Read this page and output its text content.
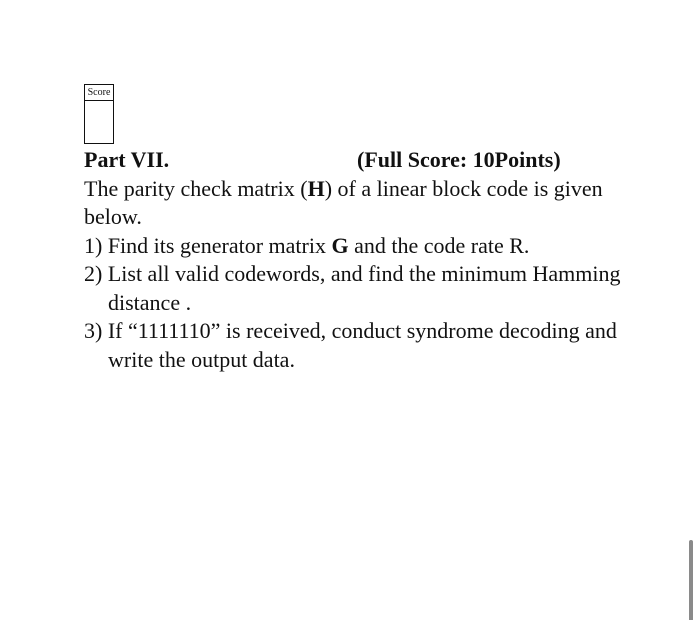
Score
Part VII.	(Full Score: 10Points)

The parity check matrix (H) of a linear block code is given below.

1) Find its generator matrix G and the code rate R.

2) List all valid codewords, and find the minimum Hamming distance .

3) If “1111110” is received, conduct syndrome decoding and write the output data.
